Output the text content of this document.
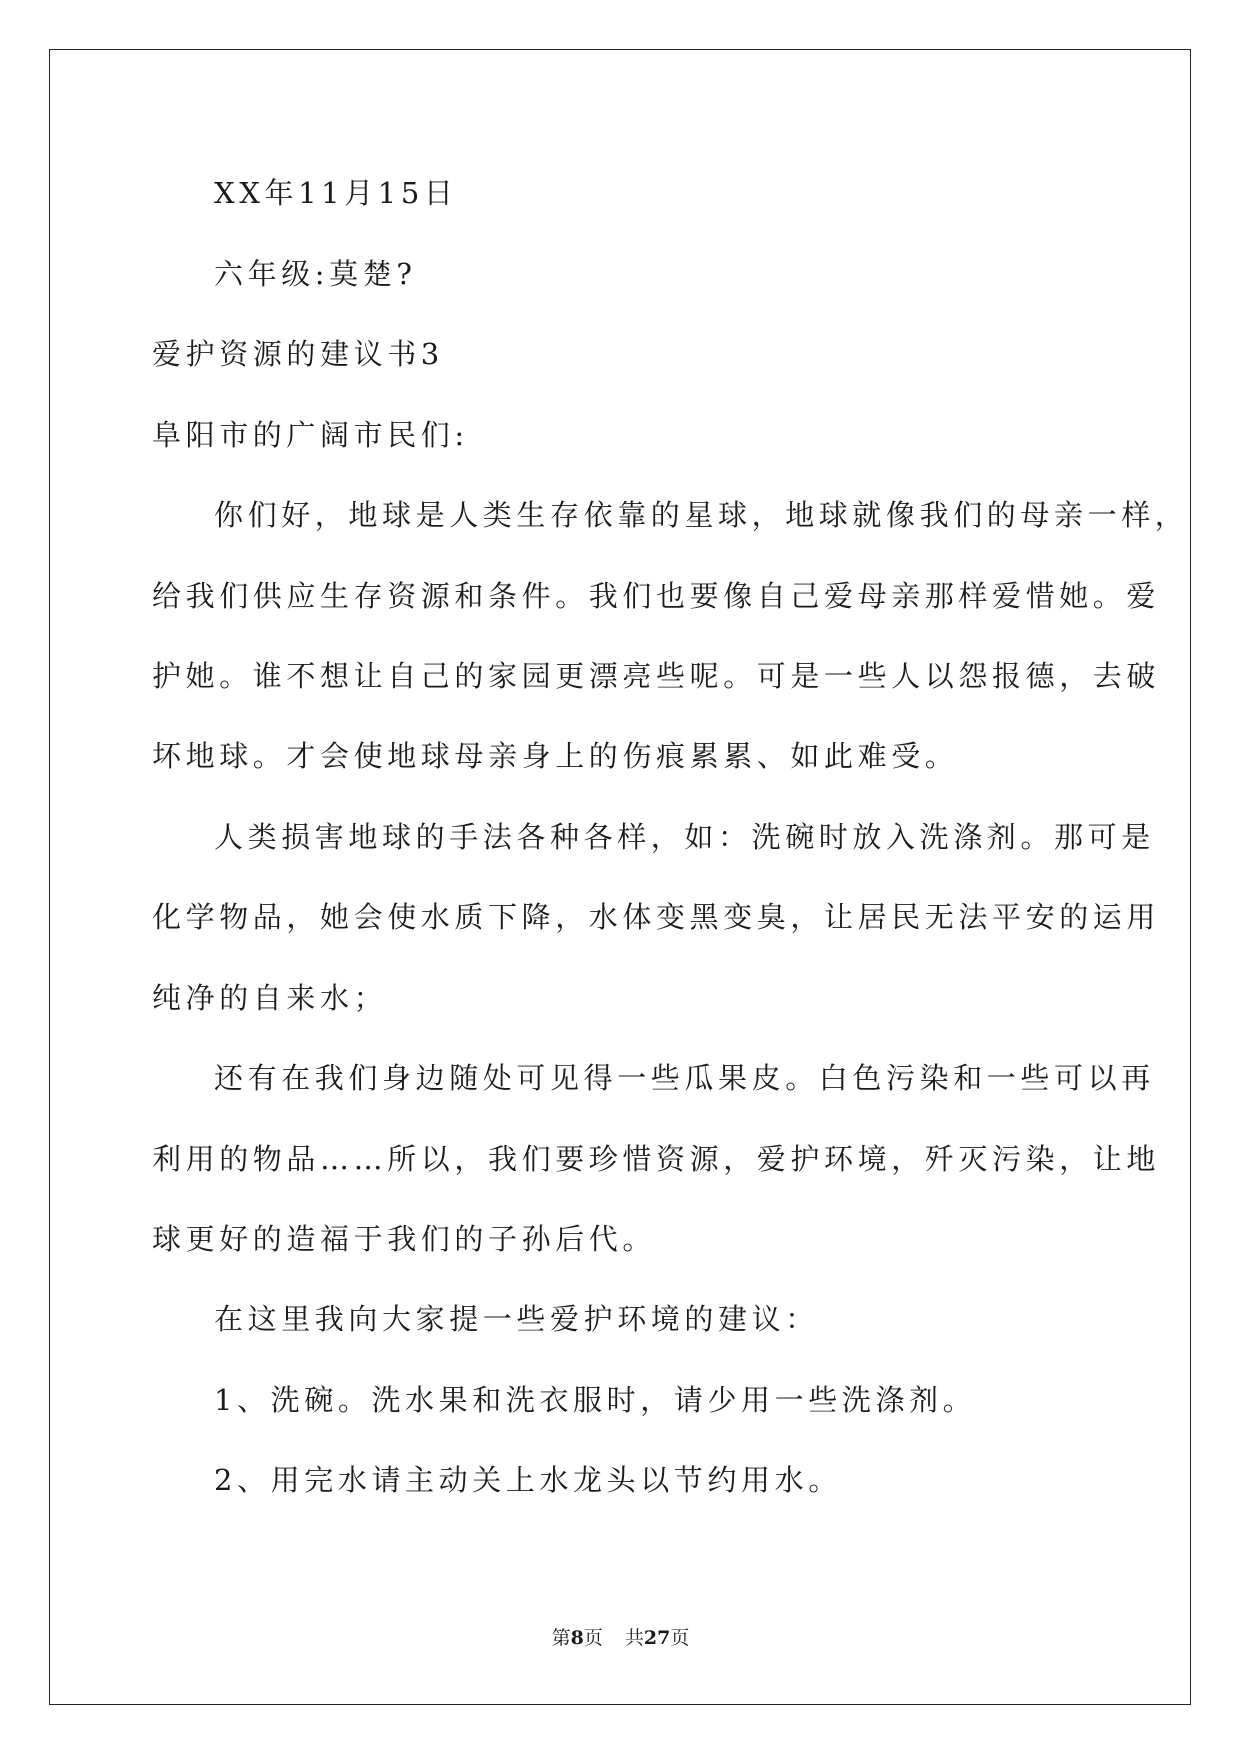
XX年11月15日
六年级:莫楚?
爱护资源的建议书3
阜阳市的广阔市民们:
你们好，地球是人类生存依靠的星球，地球就像我们的母亲一样，
给我们供应生存资源和条件。我们也要像自己爱母亲那样爱惜她。爱
护她。谁不想让自己的家园更漂亮些呢。可是一些人以怨报德，去破
坏地球。才会使地球母亲身上的伤痕累累、如此难受。
人类损害地球的手法各种各样，如：洗碗时放入洗涤剂。那可是
化学物品，她会使水质下降，水体变黑变臭，让居民无法平安的运用
纯净的自来水；
还有在我们身边随处可见得一些瓜果皮。白色污染和一些可以再
利用的物品……所以，我们要珍惜资源，爱护环境，歼灭污染，让地
球更好的造福于我们的子孙后代。
在这里我向大家提一些爱护环境的建议：
1、洗碗。洗水果和洗衣服时，请少用一些洗涤剂。
2、用完水请主动关上水龙头以节约用水。
第8页 共27页
